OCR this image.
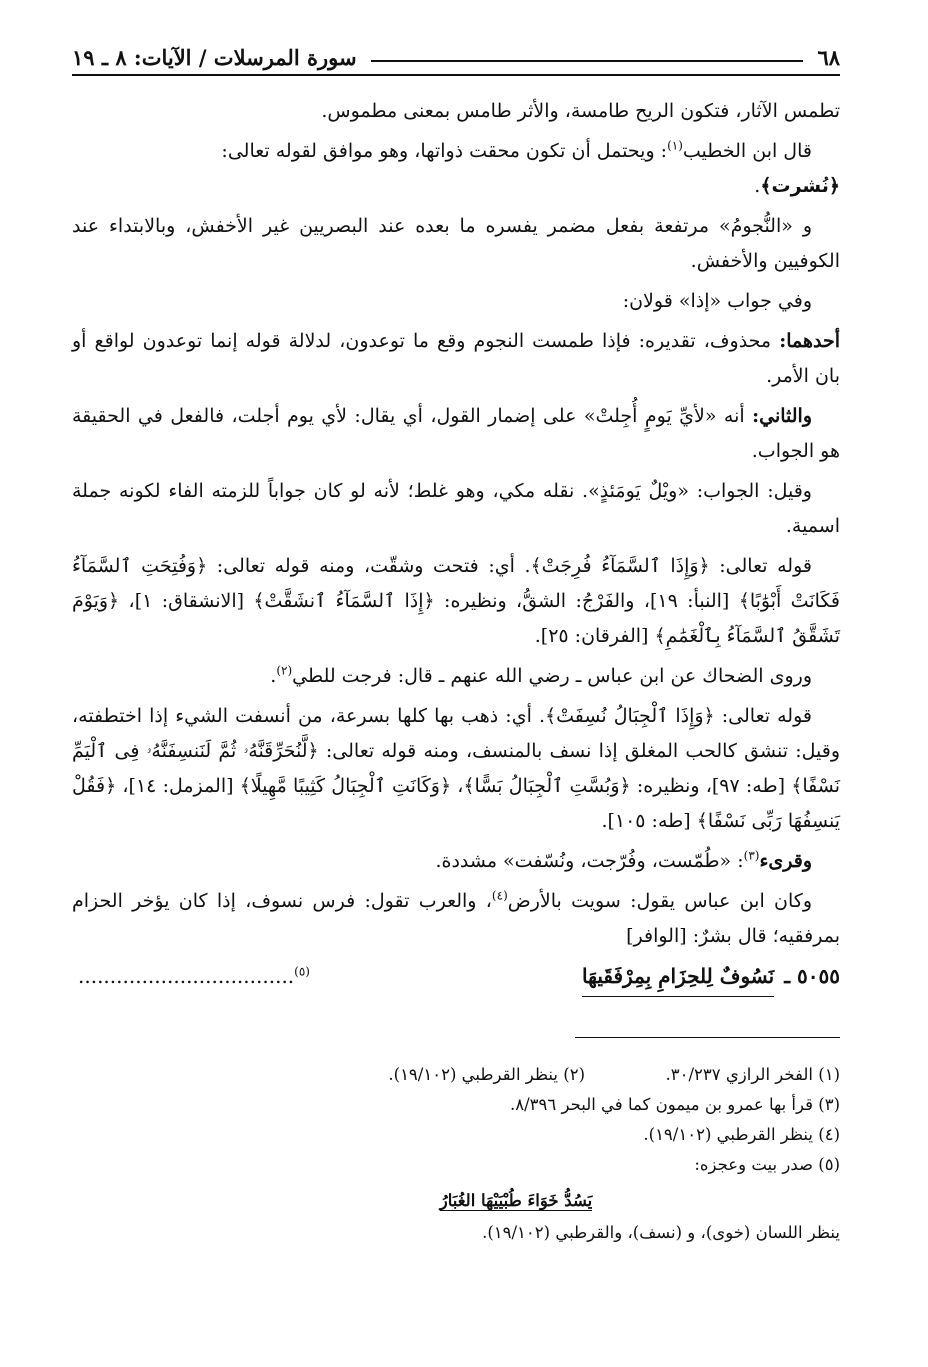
٦٨
سورة المرسلات / الآيات: ٨ ـ ١٩

تطمس الآثار، فتكون الريح طامسة، والأثر طامس بمعنى مطموس.

قال ابن الخطيب$^{(١)}$: ويحتمل أن تكون محقت ذواتها، وهو موافق لقوله تعالى:
﴿نُشرت﴾.

و «النُّجومُ» مرتفعة بفعل مضمر يفسره ما بعده عند البصريين غير الأخفش، وبالابتداء عند الكوفيين والأخفش.

وفي جواب «إذا» قولان:

أحدهما: محذوف، تقديره: فإذا طمست النجوم وقع ما توعدون، لدلالة قوله إنما توعدون لواقع أو بان الأمر.

والثاني: أنه «لأيِّ يَومٍ أُجِلتْ» على إضمار القول، أي يقال: لأي يوم أجلت، فالفعل في الحقيقة هو الجواب.

وقيل: الجواب: «ويْلٌ يَومَئذٍ». نقله مكي، وهو غلط؛ لأنه لو كان جواباً للزمته الفاء لكونه جملة اسمية.

قوله تعالى: ﴿وَإِذَا ٱلسَّمَآءُ فُرِجَتْ﴾. أي: فتحت وشقّت، ومنه قوله تعالى: ﴿وَفُتِحَتِ ٱلسَّمَآءُ فَكَانَتْ أَبْوَٰبًا﴾ [النبأ: ١٩]، والفَرْجُ: الشقُّ، ونظيره: ﴿إِذَا ٱلسَّمَآءُ ٱنشَقَّتْ﴾ [الانشقاق: ١]، ﴿وَيَوْمَ تَشَقَّقُ ٱلسَّمَآءُ بِٱلْغَمَٰمِ﴾ [الفرقان: ٢٥].

وروى الضحاك عن ابن عباس ـ رضي الله عنهم ـ قال: فرجت للطي$^{(٢)}$.

قوله تعالى: ﴿وَإِذَا ٱلْجِبَالُ نُسِفَتْ﴾. أي: ذهب بها كلها بسرعة، من أنسفت الشيء إذا اختطفته، وقيل: تنشق كالحب المغلق إذا نسف بالمنسف، ومنه قوله تعالى: ﴿لَّنُحَرِّقَنَّهُۥ ثُمَّ لَنَنسِفَنَّهُۥ فِى ٱلْيَمِّ نَسْفًا﴾ [طه: ٩٧]، ونظيره: ﴿وَبُسَّتِ ٱلْجِبَالُ بَسًّا﴾، ﴿وَكَانَتِ ٱلْجِبَالُ كَثِيبًا مَّهِيلًا﴾ [المزمل: ١٤]، ﴿فَقُلْ يَنسِفُهَا رَبِّى نَسْفًا﴾ [طه: ١٠٥].

وقرىء$^{(٣)}$: «طُمّست، وفُرّجت، ونُسّفت» مشددة.

وكان ابن عباس يقول: سويت بالأرض$^{(٤)}$، والعرب تقول: فرس نسوف، إذا كان يؤخر الحزام بمرفقيه؛ قال بشرٌ: [الوافر]

٥٠٥٥ ـ
نَسُوفٌ لِلحِزَامِ بِمِرْفَقَيهَا
$^{(٥)}$..................................
(١) الفخر الرازي ٣٠/٢٣٧.
(٢) ينظر القرطبي (١٩/١٠٢).
(٣) قرأ بها عمرو بن ميمون كما في البحر ٨/٣٩٦.
(٤) ينظر القرطبي (١٩/١٠٢).
(٥) صدر بيت وعجزه:
يَسُدُّ خَوَاءَ طُبْيَيْهَا الغُبَارُ
ينظر اللسان (خوى)، و (نسف)، والقرطبي (١٩/١٠٢).
